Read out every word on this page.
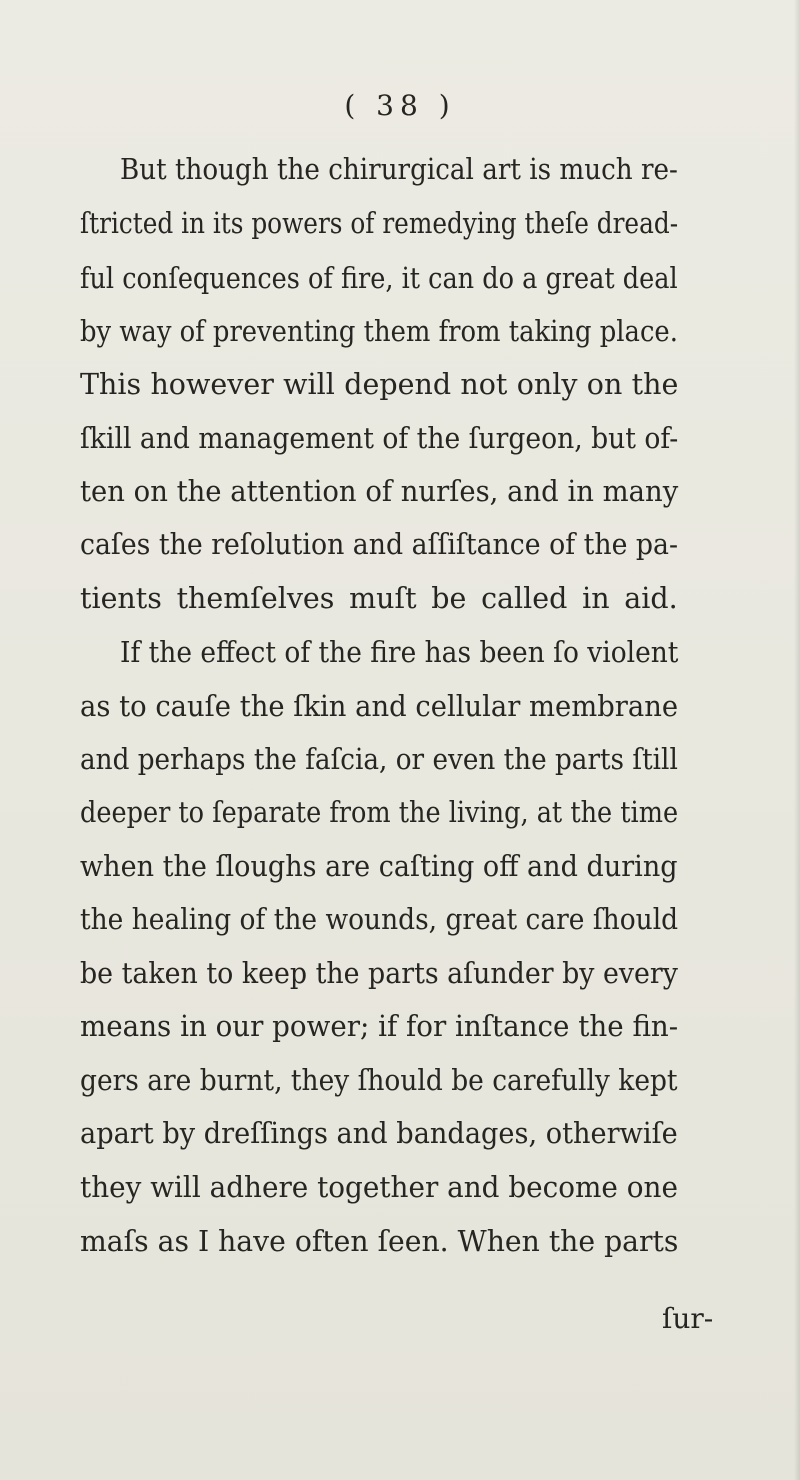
( 38 )
But though the chirurgical art is much re-
ſtricted in its powers of remedying theſe dread-
ful conſequences of fire, it can do a great deal
by way of preventing them from taking place.
This however will depend not only on the
ſkill and management of the ſurgeon, but of-
ten on the attention of nurſes, and in many
caſes the reſolution and aſſiſtance of the pa-
tients themſelves muſt be called in aid.
If the effect of the fire has been ſo violent
as to cauſe the ſkin and cellular membrane
and perhaps the faſcia, or even the parts ſtill
deeper to ſeparate from the living, at the time
when the ſloughs are caſting off and during
the healing of the wounds, great care ſhould
be taken to keep the parts aſunder by every
means in our power; if for inſtance the fin-
gers are burnt, they ſhould be carefully kept
apart by dreſſings and bandages, otherwiſe
they will adhere together and become one
maſs as I have often ſeen. When the parts
ſur-
